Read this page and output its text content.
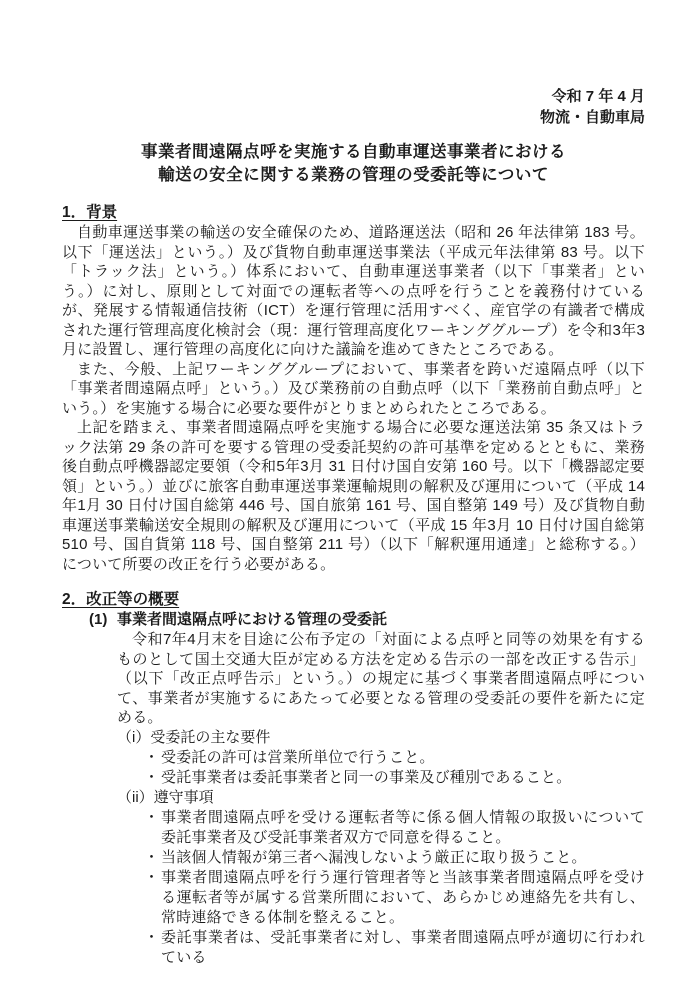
令和 7 年 4 月
物流・自動車局
事業者間遠隔点呼を実施する自動車運送事業者における
輸送の安全に関する業務の管理の受委託等について
1．背景
自動車運送事業の輸送の安全確保のため、道路運送法（昭和 26 年法律第 183 号。以下「運送法」という。）及び貨物自動車運送事業法（平成元年法律第 83 号。以下「トラック法」という。）体系において、自動車運送事業者（以下「事業者」という。）に対し、原則として対面での運転者等への点呼を行うことを義務付けているが、発展する情報通信技術（ICT）を運行管理に活用すべく、産官学の有識者で構成された運行管理高度化検討会（現：運行管理高度化ワーキンググループ）を令和3年3月に設置し、運行管理の高度化に向けた議論を進めてきたところである。
また、今般、上記ワーキンググループにおいて、事業者を跨いだ遠隔点呼（以下「事業者間遠隔点呼」という。）及び業務前の自動点呼（以下「業務前自動点呼」という。）を実施する場合に必要な要件がとりまとめられたところである。
上記を踏まえ、事業者間遠隔点呼を実施する場合に必要な運送法第 35 条又はトラック法第 29 条の許可を要する管理の受委託契約の許可基準を定めるとともに、業務後自動点呼機器認定要領（令和5年3月 31 日付け国自安第 160 号。以下「機器認定要領」という。）並びに旅客自動車運送事業運輸規則の解釈及び運用について（平成 14 年1月 30 日付け国自総第 446 号、国自旅第 161 号、国自整第 149 号）及び貨物自動車運送事業輸送安全規則の解釈及び運用について（平成 15 年3月 10 日付け国自総第 510 号、国自貨第 118 号、国自整第 211 号）（以下「解釈運用通達」と総称する。）について所要の改正を行う必要がある。
2．改正等の概要
(1) 事業者間遠隔点呼における管理の受委託
令和7年4月末を目途に公布予定の「対面による点呼と同等の効果を有するものとして国土交通大臣が定める方法を定める告示の一部を改正する告示」（以下「改正点呼告示」という。）の規定に基づく事業者間遠隔点呼について、事業者が実施するにあたって必要となる管理の受委託の要件を新たに定める。
（i）受委託の主な要件
・ 受委託の許可は営業所単位で行うこと。
・ 受託事業者は委託事業者と同一の事業及び種別であること。
（ii）遵守事項
・ 事業者間遠隔点呼を受ける運転者等に係る個人情報の取扱いについて委託事業者及び受託事業者双方で同意を得ること。
・ 当該個人情報が第三者へ漏洩しないよう厳正に取り扱うこと。
・ 事業者間遠隔点呼を行う運行管理者等と当該事業者間遠隔点呼を受ける運転者等が属する営業所間において、あらかじめ連絡先を共有し、常時連絡できる体制を整えること。
・ 委託事業者は、受託事業者に対し、事業者間遠隔点呼が適切に行われている
